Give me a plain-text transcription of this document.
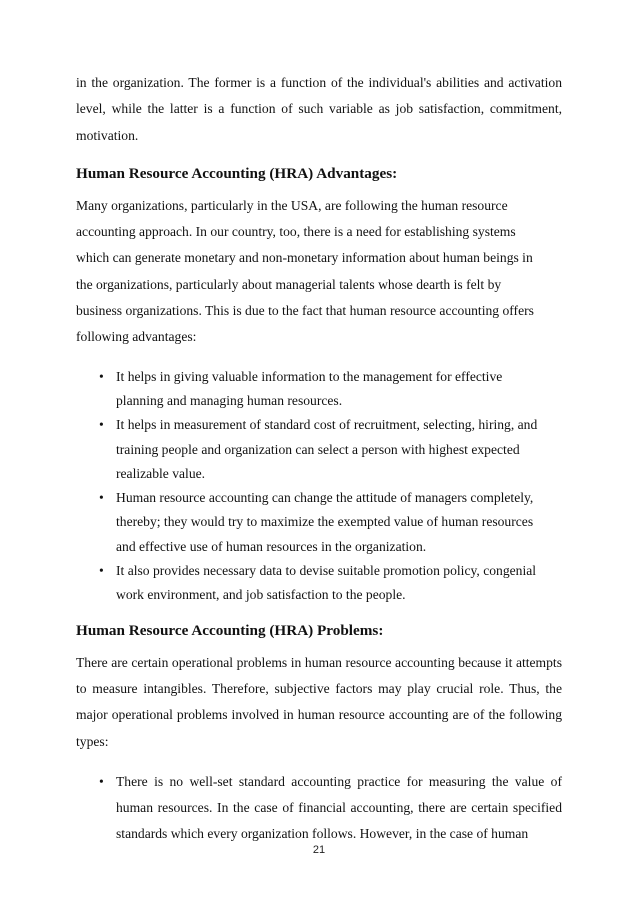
in the organization. The former is a function of the individual's abilities and activation level, while the latter is a function of such variable as job satisfaction, commitment, motivation.

Human Resource Accounting (HRA) Advantages:

Many organizations, particularly in the USA, are following the human resource
accounting approach. In our country, too, there is a need for establishing systems
which can generate monetary and non-monetary information about human beings in
the organizations, particularly about managerial talents whose dearth is felt by
business organizations. This is due to the fact that human resource accounting offers
following advantages:

• It helps in giving valuable information to the management for effective
planning and managing human resources.
• It helps in measurement of standard cost of recruitment, selecting, hiring, and
training people and organization can select a person with highest expected
realizable value.
• Human resource accounting can change the attitude of managers completely,
thereby; they would try to maximize the exempted value of human resources
and effective use of human resources in the organization.
• It also provides necessary data to devise suitable promotion policy, congenial
work environment, and job satisfaction to the people.
Human Resource Accounting (HRA) Problems:

There are certain operational problems in human resource accounting because it attempts to measure intangibles. Therefore, subjective factors may play crucial role. Thus, the major operational problems involved in human resource accounting are of the following types:

• There is no well-set standard accounting practice for measuring the value of human resources. In the case of financial accounting, there are certain specified standards which every organization follows. However, in the case of human
21
